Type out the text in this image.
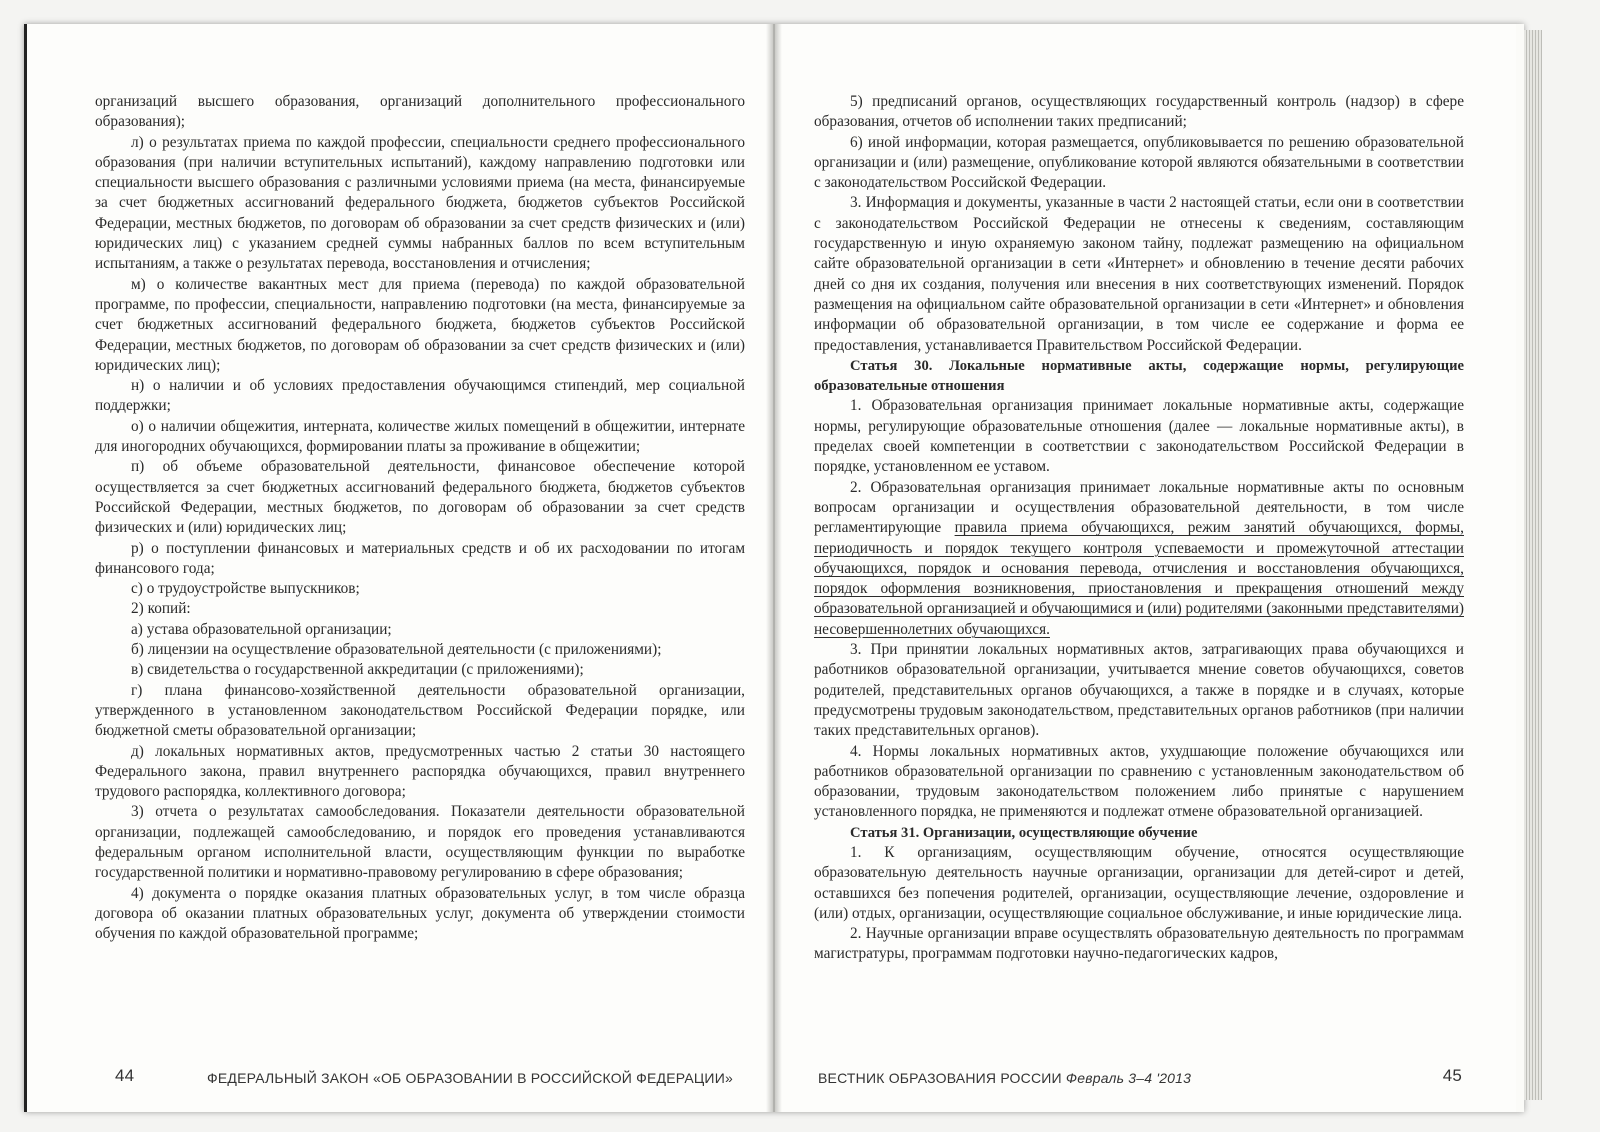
организаций высшего образования, организаций дополнительного профессионального образования);

л) о результатах приема по каждой профессии, специальности среднего профессионального образования (при наличии вступительных испытаний), каждому направлению подготовки или специальности высшего образования с различными условиями приема (на места, финансируемые за счет бюджетных ассигнований федерального бюджета, бюджетов субъектов Российской Федерации, местных бюджетов, по договорам об образовании за счет средств физических и (или) юридических лиц) с указанием средней суммы набранных баллов по всем вступительным испытаниям, а также о результатах перевода, восстановления и отчисления;

м) о количестве вакантных мест для приема (перевода) по каждой образовательной программе, по профессии, специальности, направлению подготовки (на места, финансируемые за счет бюджетных ассигнований федерального бюджета, бюджетов субъектов Российской Федерации, местных бюджетов, по договорам об образовании за счет средств физических и (или) юридических лиц);

н) о наличии и об условиях предоставления обучающимся стипендий, мер социальной поддержки;

о) о наличии общежития, интерната, количестве жилых помещений в общежитии, интернате для иногородних обучающихся, формировании платы за проживание в общежитии;

п) об объеме образовательной деятельности, финансовое обеспечение которой осуществляется за счет бюджетных ассигнований федерального бюджета, бюджетов субъектов Российской Федерации, местных бюджетов, по договорам об образовании за счет средств физических и (или) юридических лиц;

р) о поступлении финансовых и материальных средств и об их расходовании по итогам финансового года;

с) о трудоустройстве выпускников;

2) копий:

а) устава образовательной организации;

б) лицензии на осуществление образовательной деятельности (с приложениями);

в) свидетельства о государственной аккредитации (с приложениями);

г) плана финансово-хозяйственной деятельности образовательной организации, утвержденного в установленном законодательством Российской Федерации порядке, или бюджетной сметы образовательной организации;

д) локальных нормативных актов, предусмотренных частью 2 статьи 30 настоящего Федерального закона, правил внутреннего распорядка обучающихся, правил внутреннего трудового распорядка, коллективного договора;

3) отчета о результатах самообследования. Показатели деятельности образовательной организации, подлежащей самообследованию, и порядок его проведения устанавливаются федеральным органом исполнительной власти, осуществляющим функции по выработке государственной политики и нормативно-правовому регулированию в сфере образования;

4) документа о порядке оказания платных образовательных услуг, в том числе образца договора об оказании платных образовательных услуг, документа об утверждении стоимости обучения по каждой образовательной программе;

44	ФЕДЕРАЛЬНЫЙ ЗАКОН «ОБ ОБРАЗОВАНИИ В РОССИЙСКОЙ ФЕДЕРАЦИИ»

5) предписаний органов, осуществляющих государственный контроль (надзор) в сфере образования, отчетов об исполнении таких предписаний;

6) иной информации, которая размещается, опубликовывается по решению образовательной организации и (или) размещение, опубликование которой являются обязательными в соответствии с законодательством Российской Федерации.

3. Информация и документы, указанные в части 2 настоящей статьи, если они в соответствии с законодательством Российской Федерации не отнесены к сведениям, составляющим государственную и иную охраняемую законом тайну, подлежат размещению на официальном сайте образовательной организации в сети «Интернет» и обновлению в течение десяти рабочих дней со дня их создания, получения или внесения в них соответствующих изменений. Порядок размещения на официальном сайте образовательной организации в сети «Интернет» и обновления информации об образовательной организации, в том числе ее содержание и форма ее предоставления, устанавливается Правительством Российской Федерации.

Статья 30. Локальные нормативные акты, содержащие нормы, регулирующие образовательные отношения

1. Образовательная организация принимает локальные нормативные акты, содержащие нормы, регулирующие образовательные отношения (далее — локальные нормативные акты), в пределах своей компетенции в соответствии с законодательством Российской Федерации в порядке, установленном ее уставом.

2. Образовательная организация принимает локальные нормативные акты по основным вопросам организации и осуществления образовательной деятельности, в том числе регламентирующие правила приема обучающихся, режим занятий обучающихся, формы, периодичность и порядок текущего контроля успеваемости и промежуточной аттестации обучающихся, порядок и основания перевода, отчисления и восстановления обучающихся, порядок оформления возникновения, приостановления и прекращения отношений между образовательной организацией и обучающимися и (или) родителями (законными представителями) несовершеннолетних обучающихся.

3. При принятии локальных нормативных актов, затрагивающих права обучающихся и работников образовательной организации, учитывается мнение советов обучающихся, советов родителей, представительных органов обучающихся, а также в порядке и в случаях, которые предусмотрены трудовым законодательством, представительных органов работников (при наличии таких представительных органов).

4. Нормы локальных нормативных актов, ухудшающие положение обучающихся или работников образовательной организации по сравнению с установленным законодательством об образовании, трудовым законодательством положением либо принятые с нарушением установленного порядка, не применяются и подлежат отмене образовательной организацией.

Статья 31. Организации, осуществляющие обучение

1. К организациям, осуществляющим обучение, относятся осуществляющие образовательную деятельность научные организации, организации для детей-сирот и детей, оставшихся без попечения родителей, организации, осуществляющие лечение, оздоровление и (или) отдых, организации, осуществляющие социальное обслуживание, и иные юридические лица.

2. Научные организации вправе осуществлять образовательную деятельность по программам магистратуры, программам подготовки научно-педагогических кадров,

ВЕСТНИК ОБРАЗОВАНИЯ РОССИИ Февраль 3–4 '2013	45
